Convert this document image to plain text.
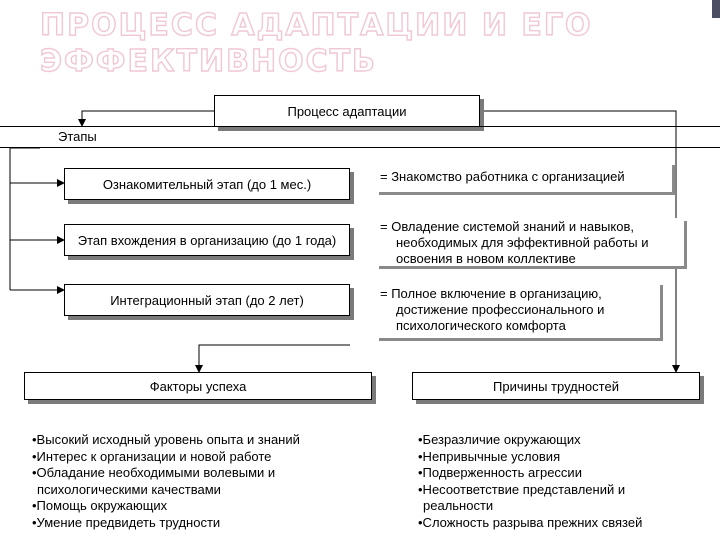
ПРОЦЕСС АДАПТАЦИИ И ЕГО
ЭФФЕКТИВНОСТЬ
Процесс адаптации
Этапы
Ознакомительный этап (до 1 мес.)
Этап вхождения в организацию (до 1 года)
Интеграционный этап (до 2 лет)
= Знакомство работника с организацией
= Овладение системой знаний и навыков,
необходимых для эффективной работы и
освоения в новом коллективе
= Полное включение в организацию,
достижение профессионального и
психологического комфорта
Факторы успеха	Причины трудностей
•Высокий исходный уровень опыта и знаний
•Интерес к организации и новой работе
•Обладание необходимыми волевыми и
психологическими качествами
•Помощь окружающих
•Умение предвидеть трудности
•Безразличие окружающих
•Непривычные условия
•Подверженность агрессии
•Несоответствие представлений и
реальности
•Сложность разрыва прежних связей
